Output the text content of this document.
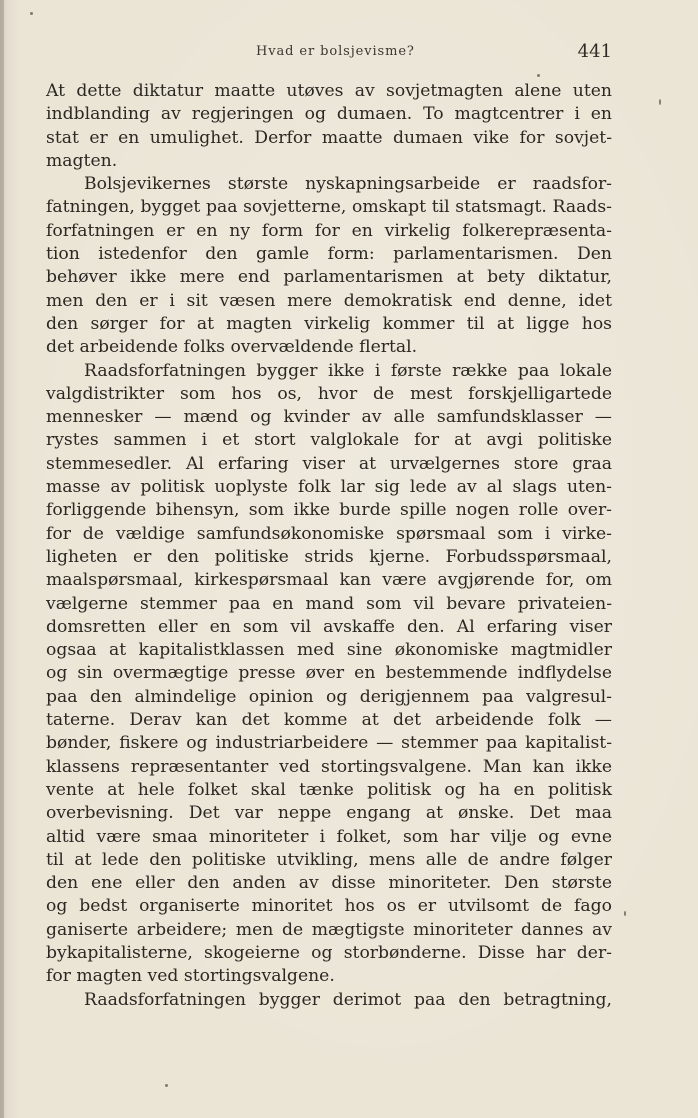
Hvad er bolsjevisme?	441
At dette diktatur maatte utøves av sovjetmagten alene uten
indblanding av regjeringen og dumaen. To magtcentrer i en
stat er en umulighet. Derfor maatte dumaen vike for sovjet-
magten.
Bolsjevikernes største nyskapningsarbeide er raadsfor-
fatningen, bygget paa sovjetterne, omskapt til statsmagt. Raads-
forfatningen er en ny form for en virkelig folkerepræsenta-
tion istedenfor den gamle form: parlamentarismen. Den
behøver ikke mere end parlamentarismen at bety diktatur,
men den er i sit væsen mere demokratisk end denne, idet
den sørger for at magten virkelig kommer til at ligge hos
det arbeidende folks overvældende flertal.
Raadsforfatningen bygger ikke i første række paa lokale
valgdistrikter som hos os, hvor de mest forskjelligartede
mennesker — mænd og kvinder av alle samfundsklasser —
rystes sammen i et stort valglokale for at avgi politiske
stemmesedler. Al erfaring viser at urvælgernes store graa
masse av politisk uoplyste folk lar sig lede av al slags uten-
forliggende bihensyn, som ikke burde spille nogen rolle over-
for de vældige samfundsøkonomiske spørsmaal som i virke-
ligheten er den politiske strids kjerne. Forbudsspørsmaal,
maalspørsmaal, kirkespørsmaal kan være avgjørende for, om
vælgerne stemmer paa en mand som vil bevare privateien-
domsretten eller en som vil avskaffe den. Al erfaring viser
ogsaa at kapitalistklassen med sine økonomiske magtmidler
og sin overmægtige presse øver en bestemmende indflydelse
paa den almindelige opinion og derigjennem paa valgresul-
taterne. Derav kan det komme at det arbeidende folk —
bønder, fiskere og industriarbeidere — stemmer paa kapitalist-
klassens repræsentanter ved stortingsvalgene. Man kan ikke
vente at hele folket skal tænke politisk og ha en politisk
overbevisning. Det var neppe engang at ønske. Det maa
altid være smaa minoriteter i folket, som har vilje og evne
til at lede den politiske utvikling, mens alle de andre følger
den ene eller den anden av disse minoriteter. Den største
og bedst organiserte minoritet hos os er utvilsomt de fago
ganiserte arbeidere; men de mægtigste minoriteter dannes av
bykapitalisterne, skogeierne og storbønderne. Disse har der-
for magten ved stortingsvalgene.
Raadsforfatningen bygger derimot paa den betragtning,
